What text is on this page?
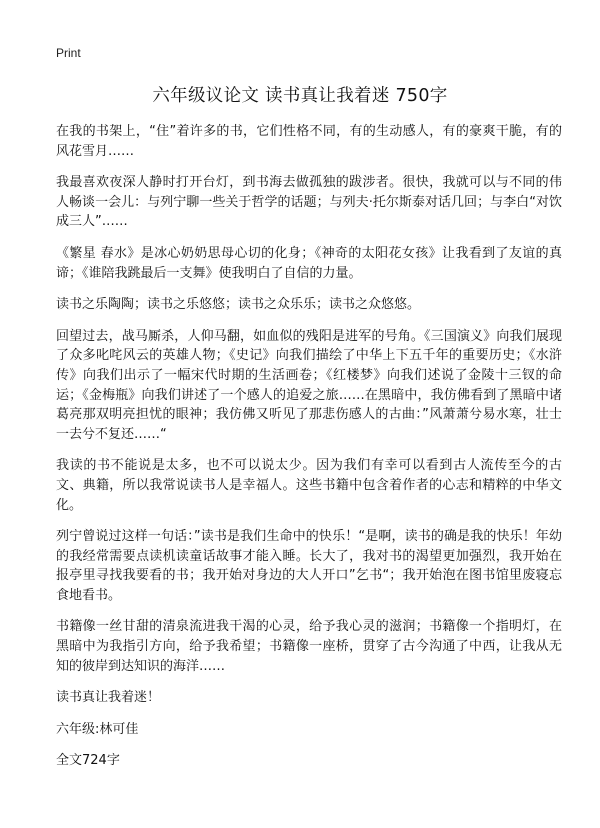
Print
六年级议论文 读书真让我着迷 750字

在我的书架上，“住”着许多的书，它们性格不同，有的生动感人，有的豪爽干脆，有的风花雪月……

我最喜欢夜深人静时打开台灯，到书海去做孤独的跋涉者。很快，我就可以与不同的伟人畅谈一会儿：与列宁聊一些关于哲学的话题；与列夫·托尔斯泰对话几回；与李白“对饮成三人”……

《繁星 春水》是冰心奶奶思母心切的化身；《神奇的太阳花女孩》让我看到了友谊的真谛；《谁陪我跳最后一支舞》使我明白了自信的力量。

读书之乐陶陶；读书之乐悠悠；读书之众乐乐；读书之众悠悠。

回望过去，战马厮杀，人仰马翻，如血似的残阳是进军的号角。《三国演义》向我们展现了众多叱咤风云的英雄人物；《史记》向我们描绘了中华上下五千年的重要历史；《水浒传》向我们出示了一幅宋代时期的生活画卷；《红楼梦》向我们述说了金陵十三钗的命运；《金梅瓶》向我们讲述了一个感人的追爱之旅……在黑暗中，我仿佛看到了黑暗中诸葛亮那双明亮担忧的眼神；我仿佛又听见了那悲伤感人的古曲：”风萧萧兮易水寒，壮士一去兮不复还……“

我读的书不能说是太多，也不可以说太少。因为我们有幸可以看到古人流传至今的古文、典籍，所以我常说读书人是幸福人。这些书籍中包含着作者的心志和精粹的中华文化。

列宁曾说过这样一句话：”读书是我们生命中的快乐！“是啊，读书的确是我的快乐！年幼的我经常需要点读机读童话故事才能入睡。长大了，我对书的渴望更加强烈，我开始在报亭里寻找我要看的书；我开始对身边的大人开口”乞书“；我开始泡在图书馆里废寝忘食地看书。

书籍像一丝甘甜的清泉流进我干渴的心灵，给予我心灵的滋润；书籍像一个指明灯，在黑暗中为我指引方向，给予我希望；书籍像一座桥，贯穿了古今沟通了中西，让我从无知的彼岸到达知识的海洋……

读书真让我着迷！

六年级:林可佳

全文724字
